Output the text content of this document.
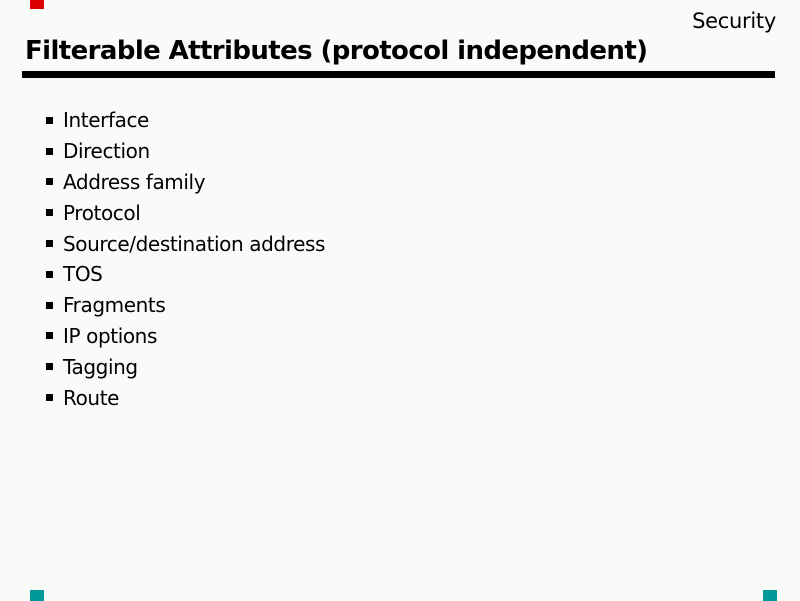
Security
Filterable Attributes (protocol independent)
Interface
Direction
Address family
Protocol
Source/destination address
TOS
Fragments
IP options
Tagging
Route
